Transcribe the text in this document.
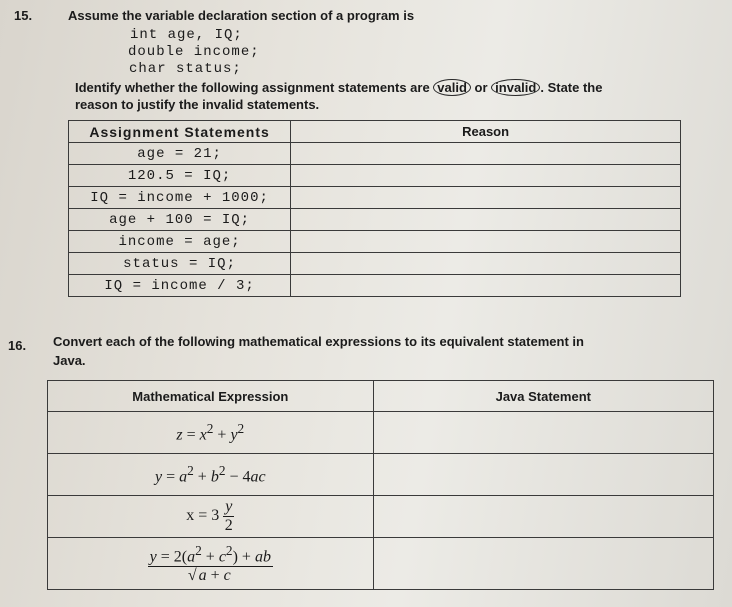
15.	Assume the variable declaration section of a program is
int age, IQ;
double income;
char status;
Identify whether the following assignment statements are valid or invalid . State the
reason to justify the invalid statements.
Assignment Statements	Reason
age = 21;	
120.5 = IQ;	
IQ = income + 1000;	
age + 100 = IQ;	
income = age;	
status = IQ;	
IQ = income / 3;	
16. Convert each of the following mathematical expressions to its equivalent statement in
Java.
Mathematical Expression	Java Statement
$z = x^2 + y^2$	
$y = a^2 + b^2 - 4ac$	
$x = 3 \frac{y}{2}$

$\frac{y = 2(a^2 + c^2) + ab}{√ a + c}$
